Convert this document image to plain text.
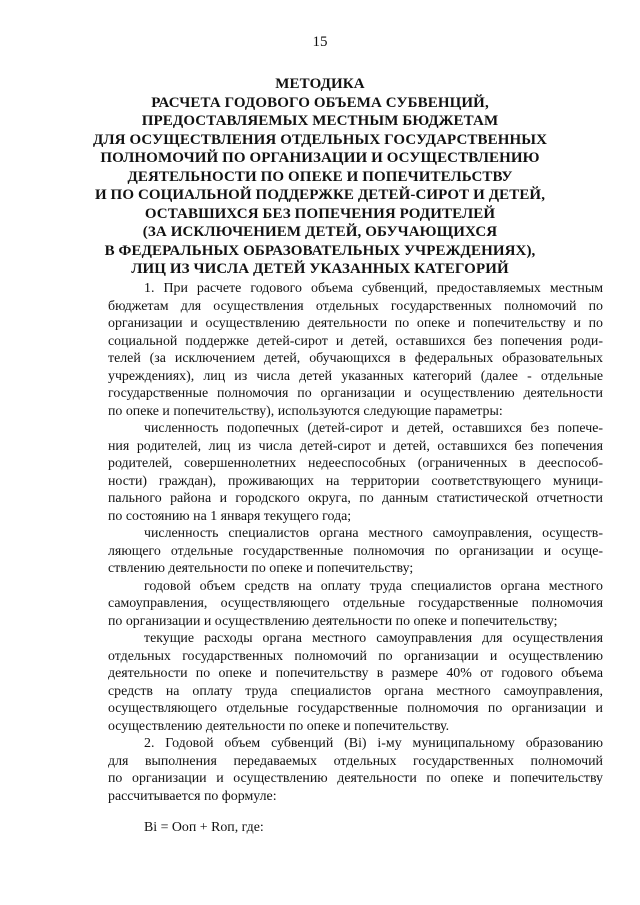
15
МЕТОДИКА
РАСЧЕТА ГОДОВОГО ОБЪЕМА СУБВЕНЦИЙ,
ПРЕДОСТАВЛЯЕМЫХ МЕСТНЫМ БЮДЖЕТАМ
ДЛЯ ОСУЩЕСТВЛЕНИЯ ОТДЕЛЬНЫХ ГОСУДАРСТВЕННЫХ
ПОЛНОМОЧИЙ ПО ОРГАНИЗАЦИИ И ОСУЩЕСТВЛЕНИЮ
ДЕЯТЕЛЬНОСТИ ПО ОПЕКЕ И ПОПЕЧИТЕЛЬСТВУ
И ПО СОЦИАЛЬНОЙ ПОДДЕРЖКЕ ДЕТЕЙ-СИРОТ И ДЕТЕЙ,
ОСТАВШИХСЯ БЕЗ ПОПЕЧЕНИЯ РОДИТЕЛЕЙ
(ЗА ИСКЛЮЧЕНИЕМ ДЕТЕЙ, ОБУЧАЮЩИХСЯ
В ФЕДЕРАЛЬНЫХ ОБРАЗОВАТЕЛЬНЫХ УЧРЕЖДЕНИЯХ),
ЛИЦ ИЗ ЧИСЛА ДЕТЕЙ УКАЗАННЫХ КАТЕГОРИЙ
1. При расчете годового объема субвенций, предоставляемых местным
бюджетам для осуществления отдельных государственных полномочий по
организации и осуществлению деятельности по опеке и попечительству и по
социальной поддержке детей-сирот и детей, оставшихся без попечения роди-
телей (за исключением детей, обучающихся в федеральных образовательных
учреждениях), лиц из числа детей указанных категорий (далее - отдельные
государственные полномочия по организации и осуществлению деятельности
по опеке и попечительству), используются следующие параметры:
численность подопечных (детей-сирот и детей, оставшихся без попече-
ния родителей, лиц из числа детей-сирот и детей, оставшихся без попечения
родителей, совершеннолетних недееспособных (ограниченных в дееспособ-
ности) граждан), проживающих на территории соответствующего муници-
пального района и городского округа, по данным статистической отчетности
по состоянию на 1 января текущего года;
численность специалистов органа местного самоуправления, осуществ-
ляющего отдельные государственные полномочия по организации и осуще-
ствлению деятельности по опеке и попечительству;
годовой объем средств на оплату труда специалистов органа местного
самоуправления, осуществляющего отдельные государственные полномочия
по организации и осуществлению деятельности по опеке и попечительству;
текущие расходы органа местного самоуправления для осуществления
отдельных государственных полномочий по организации и осуществлению
деятельности по опеке и попечительству в размере 40% от годового объема
средств на оплату труда специалистов органа местного самоуправления,
осуществляющего отдельные государственные полномочия по организации и
осуществлению деятельности по опеке и попечительству.
2. Годовой объем субвенций (Bi) i-му муниципальному образованию
для выполнения передаваемых отдельных государственных полномочий
по организации и осуществлению деятельности по опеке и попечительству
рассчитывается по формуле:
Bi = Ооп + Rоп, где:
